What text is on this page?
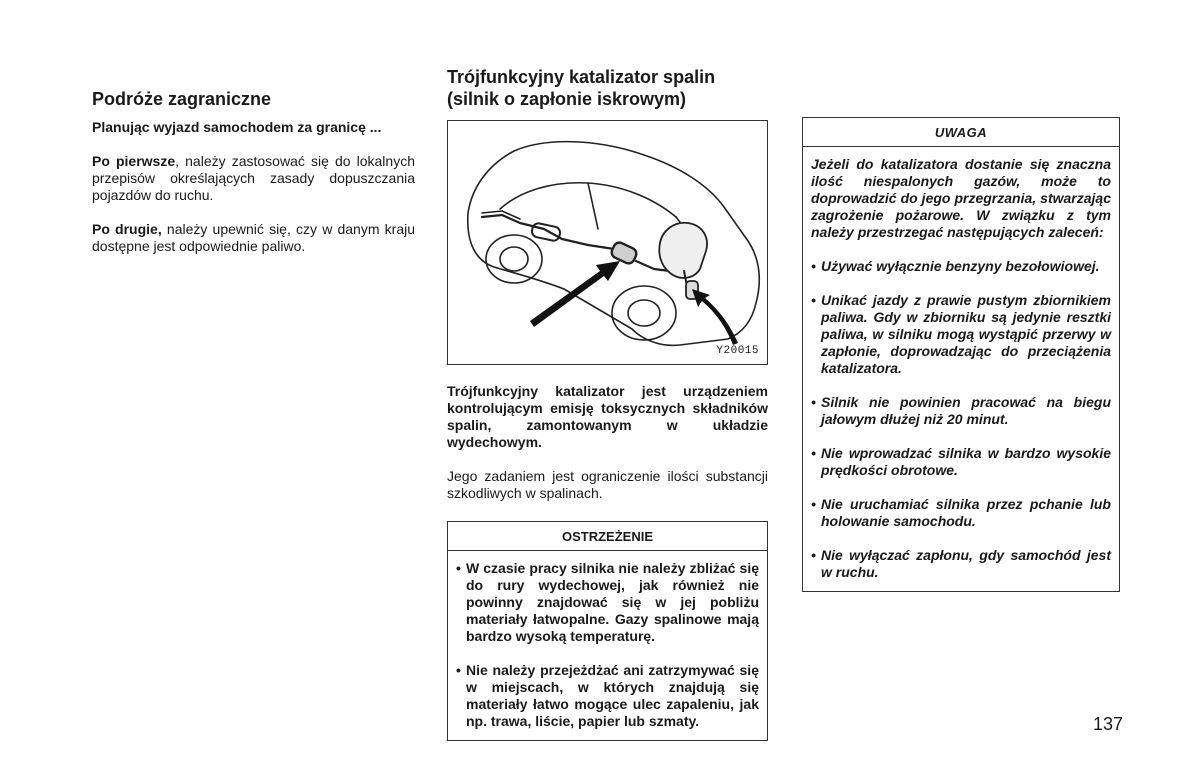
Podróże zagraniczne

Planując wyjazd samochodem za granicę ...

Po pierwsze, należy zastosować się do lokalnych przepisów określających zasady dopuszczania pojazdów do ruchu.

Po drugie, należy upewnić się, czy w danym kraju dostępne jest odpowiednie paliwo.

Trójfunkcyjny katalizator spalin
(silnik o zapłonie iskrowym)
Y20015

Trójfunkcyjny katalizator jest urządzeniem kontrolującym emisję toksycznych składników spalin, zamontowanym w układzie wydechowym.

Jego zadaniem jest ograniczenie ilości substancji szkodliwych w spalinach.

OSTRZEŻENIE
• W czasie pracy silnika nie należy zbliżać się do rury wydechowej, jak również nie powinny znajdować się w jej pobliżu materiały łatwopalne. Gazy spalinowe mają bardzo wysoką temperaturę.
• Nie należy przejeżdżać ani zatrzymywać się w miejscach, w których znajdują się materiały łatwo mogące ulec zapaleniu, jak np. trawa, liście, papier lub szmaty.
UWAGA

Jeżeli do katalizatora dostanie się znaczna ilość niespalonych gazów, może to doprowadzić do jego przegrzania, stwarzając zagrożenie pożarowe. W związku z tym należy przestrzegać następujących zaleceń:

• Używać wyłącznie benzyny bezołowiowej.
• Unikać jazdy z prawie pustym zbiornikiem paliwa. Gdy w zbiorniku są jedynie resztki paliwa, w silniku mogą wystąpić przerwy w zapłonie, doprowadzając do przeciążenia katalizatora.
• Silnik nie powinien pracować na biegu jałowym dłużej niż 20 minut.
• Nie wprowadzać silnika w bardzo wysokie prędkości obrotowe.
• Nie uruchamiać silnika przez pchanie lub holowanie samochodu.
• Nie wyłączać zapłonu, gdy samochód jest w ruchu.
137
